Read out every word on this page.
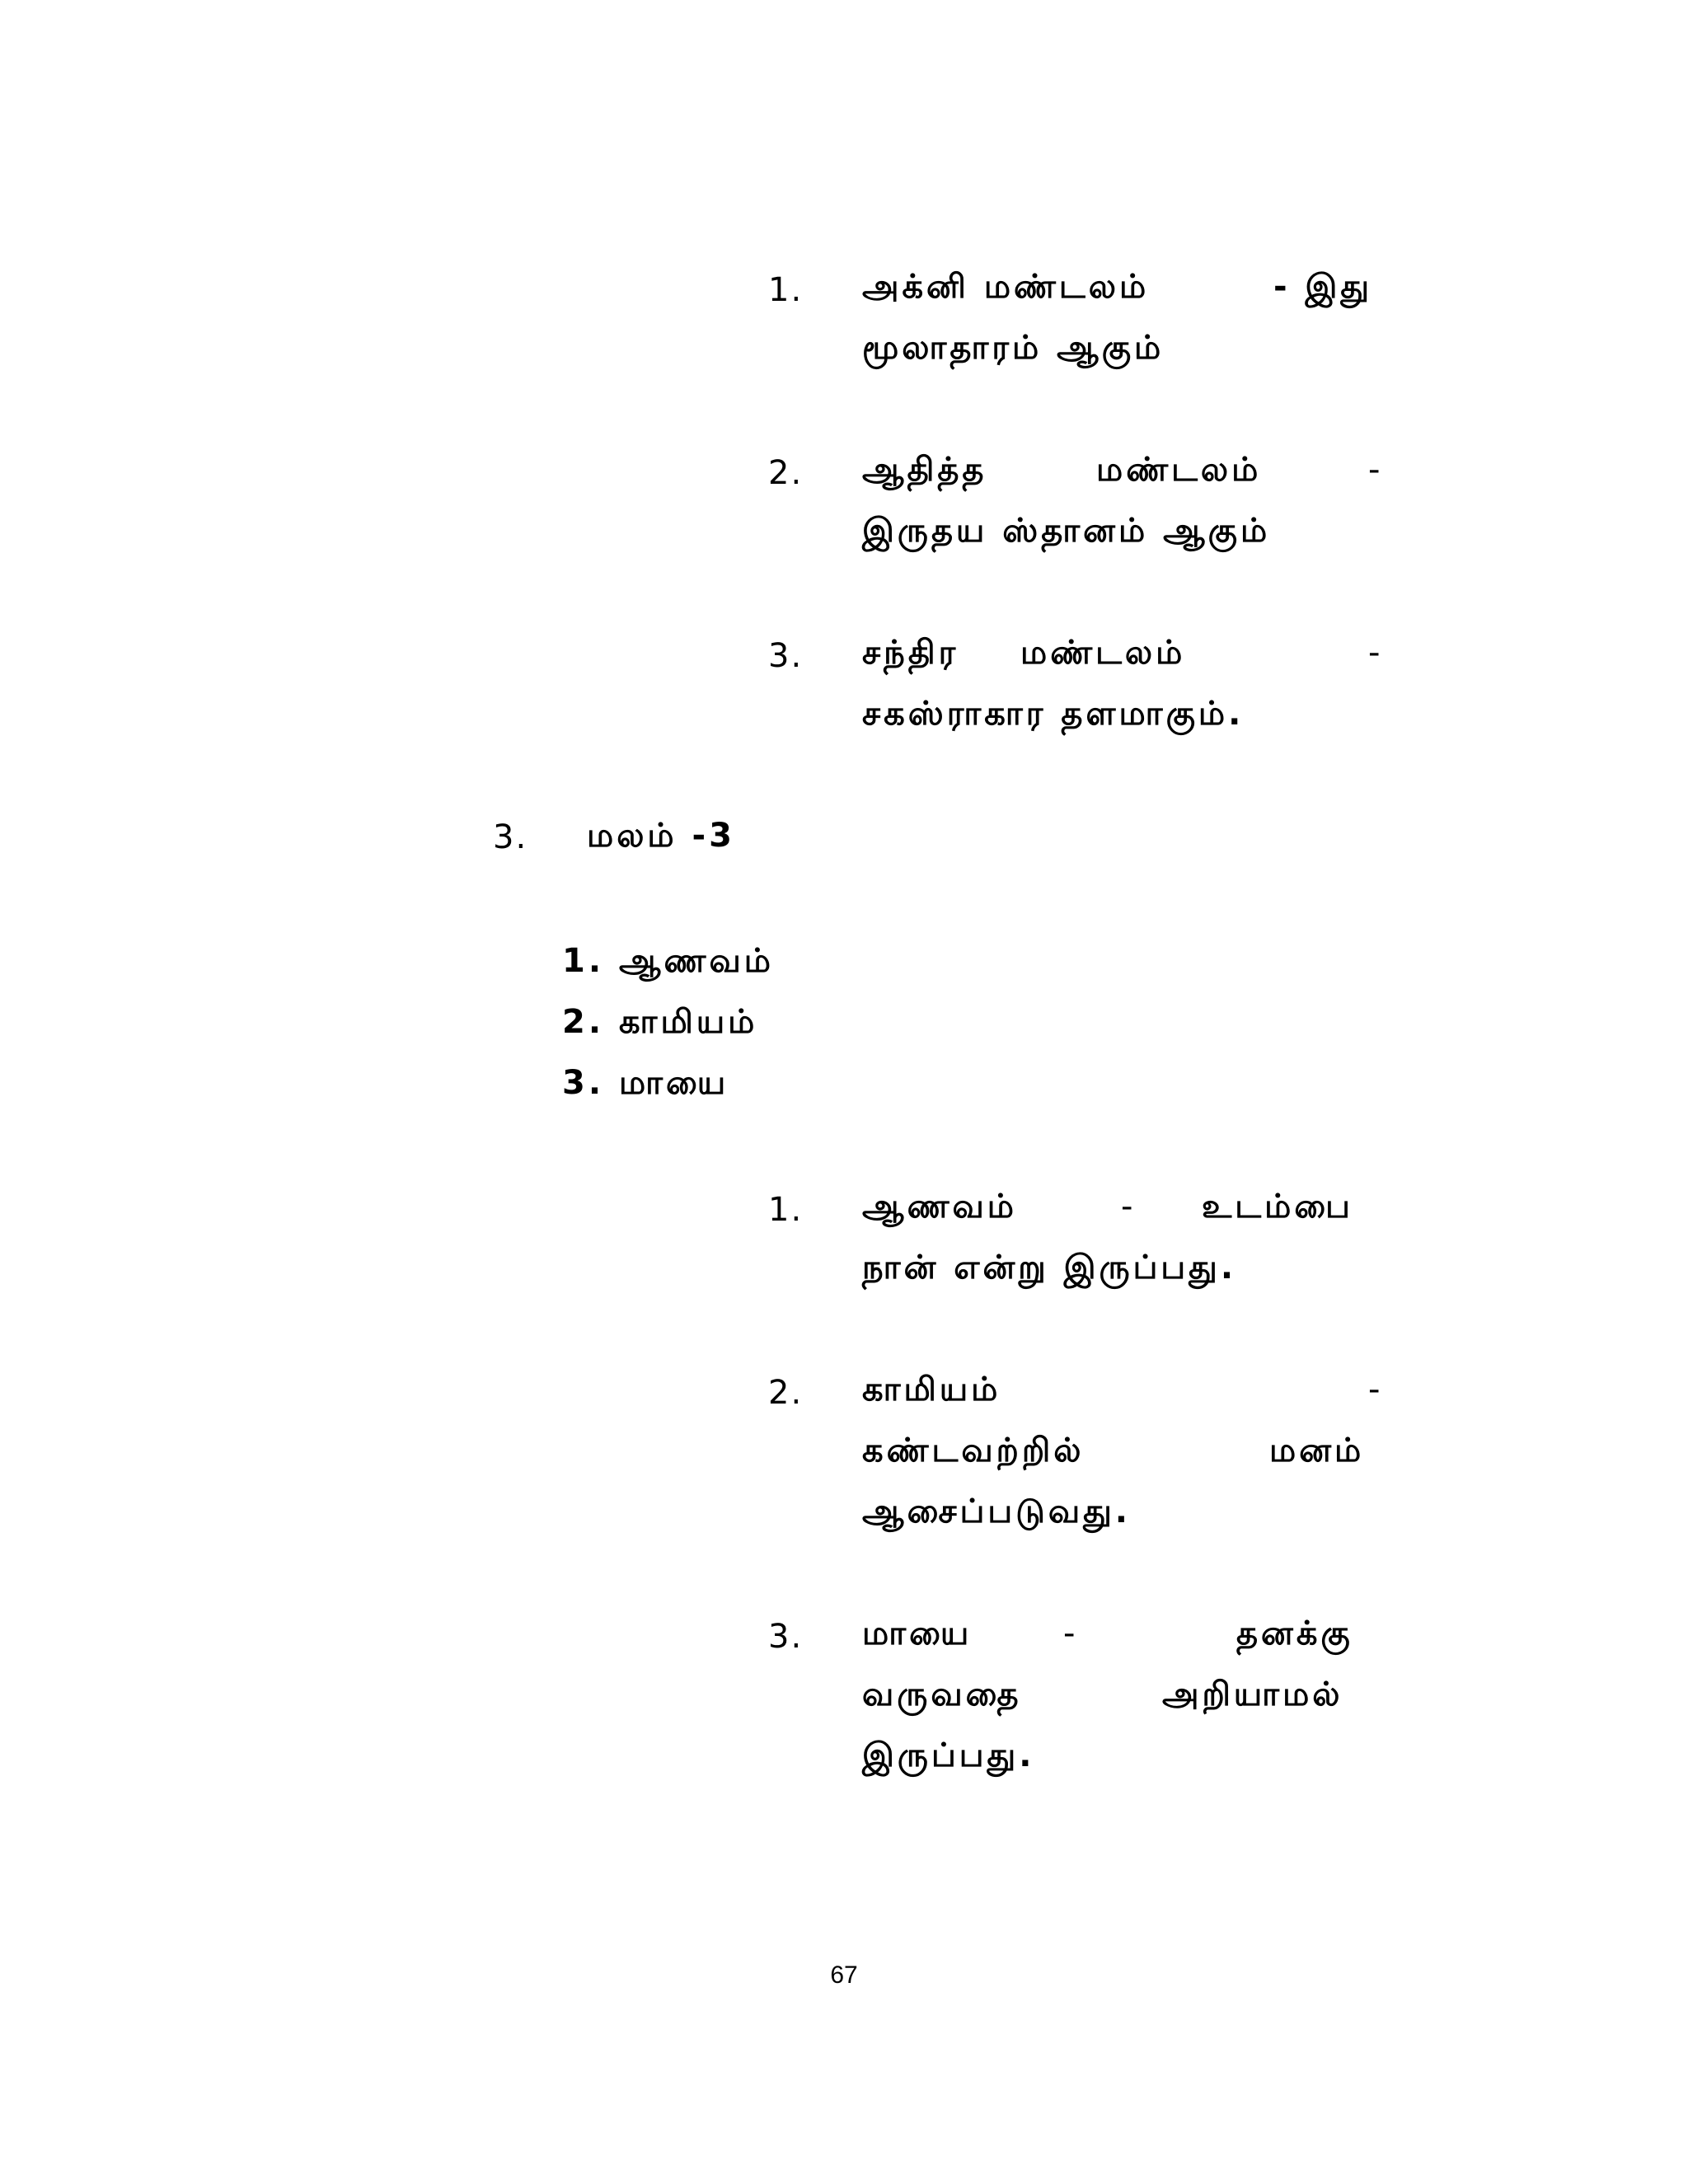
1. அக்னி மண்டலம்	- இது
மூலாதாரம் ஆகும்
2. ஆதித்த	மண்டலம்	-
இருதய ஸ்தானம் ஆகும்
3. சந்திர மண்டலம்	-
சகஸ்ராகார தளமாகும்.
3. மலம் -3
1. ஆணவம்
2. காமியம்
3. மாயை
1. ஆணவம்	- உடம்பை
நான் என்று இருப்பது.
2. காமியம்	-
கண்டவற்றில்	மனம்
ஆசைப்படுவது.
3. மாயை	-	தனக்கு
வருவதை	அறியாமல்
இருப்பது.
67
